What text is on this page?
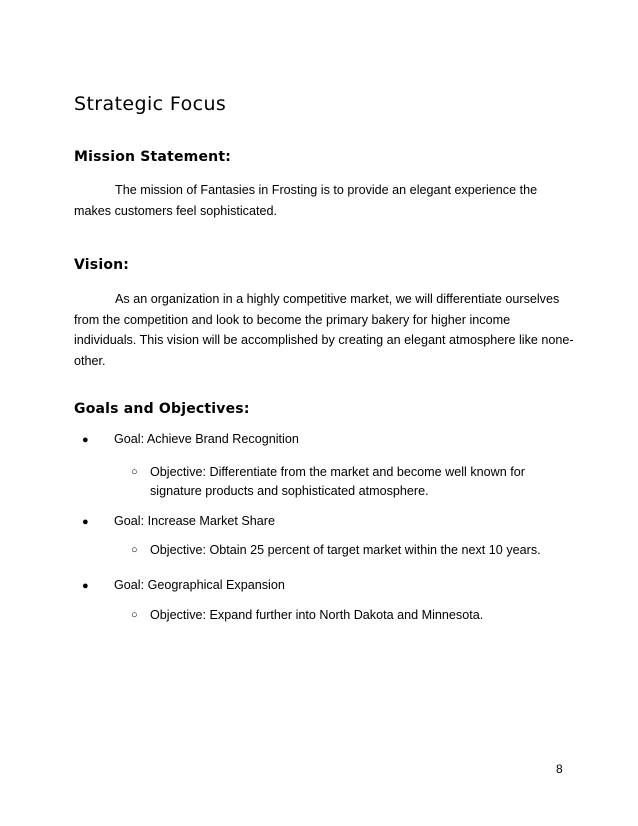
Strategic Focus
Mission Statement:

The mission of Fantasies in Frosting is to provide an elegant experience the makes customers feel sophisticated.

Vision:

As an organization in a highly competitive market, we will differentiate ourselves from the competition and look to become the primary bakery for higher income individuals. This vision will be accomplished by creating an elegant atmosphere like none-other.

Goals and Objectives:
● Goal: Achieve Brand Recognition
○ Objective: Differentiate from the market and become well known for signature products and sophisticated atmosphere.
● Goal: Increase Market Share
○ Objective: Obtain 25 percent of target market within the next 10 years.
● Goal: Geographical Expansion
○ Objective: Expand further into North Dakota and Minnesota.
8
